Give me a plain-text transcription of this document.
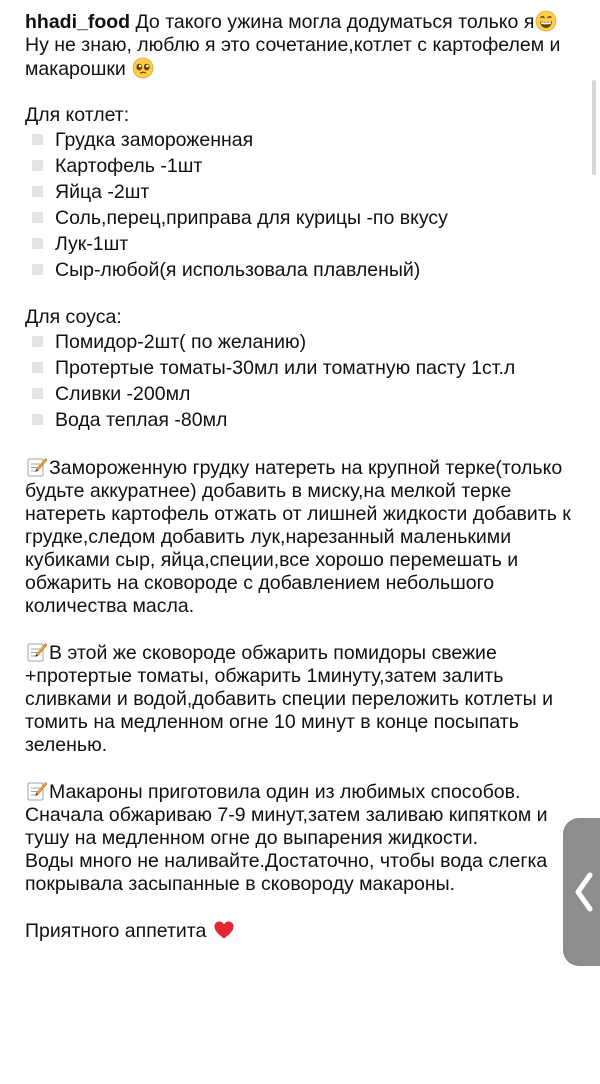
hhadi_food До такого ужина могла додуматься только я
Ну не знаю, люблю я это сочетание,котлет с картофелем и макарошки
Для котлет:
Грудка замороженная
Картофель -1шт
Яйца -2шт
Соль,перец,приправа для курицы -по вкусу
Лук-1шт
Сыр-любой(я использовала плавленый)
Для соуса:
Помидор-2шт( по желанию)
Протертые томаты-30мл или томатную пасту 1ст.л
Сливки -200мл
Вода теплая -80мл
Замороженную грудку натереть на крупной терке(только будьте аккуратнее) добавить в миску,на мелкой терке натереть картофель отжать от лишней жидкости добавить к грудке,следом добавить лук,нарезанный маленькими кубиками сыр, яйца,специи,все хорошо перемешать и обжарить на сковороде с добавлением небольшого количества масла.
В этой же сковороде обжарить помидоры свежие +протертые томаты, обжарить 1минуту,затем залить сливками и водой,добавить специи переложить котлеты и томить на медленном огне 10 минут в конце посыпать зеленью.
Макароны приготовила один из любимых способов. Сначала обжариваю 7-9 минут,затем заливаю кипятком и тушу на медленном огне до выпарения жидкости.
Воды много не наливайте.Достаточно, чтобы вода слегка покрывала засыпанные в сковороду макароны.
Приятного аппетита
